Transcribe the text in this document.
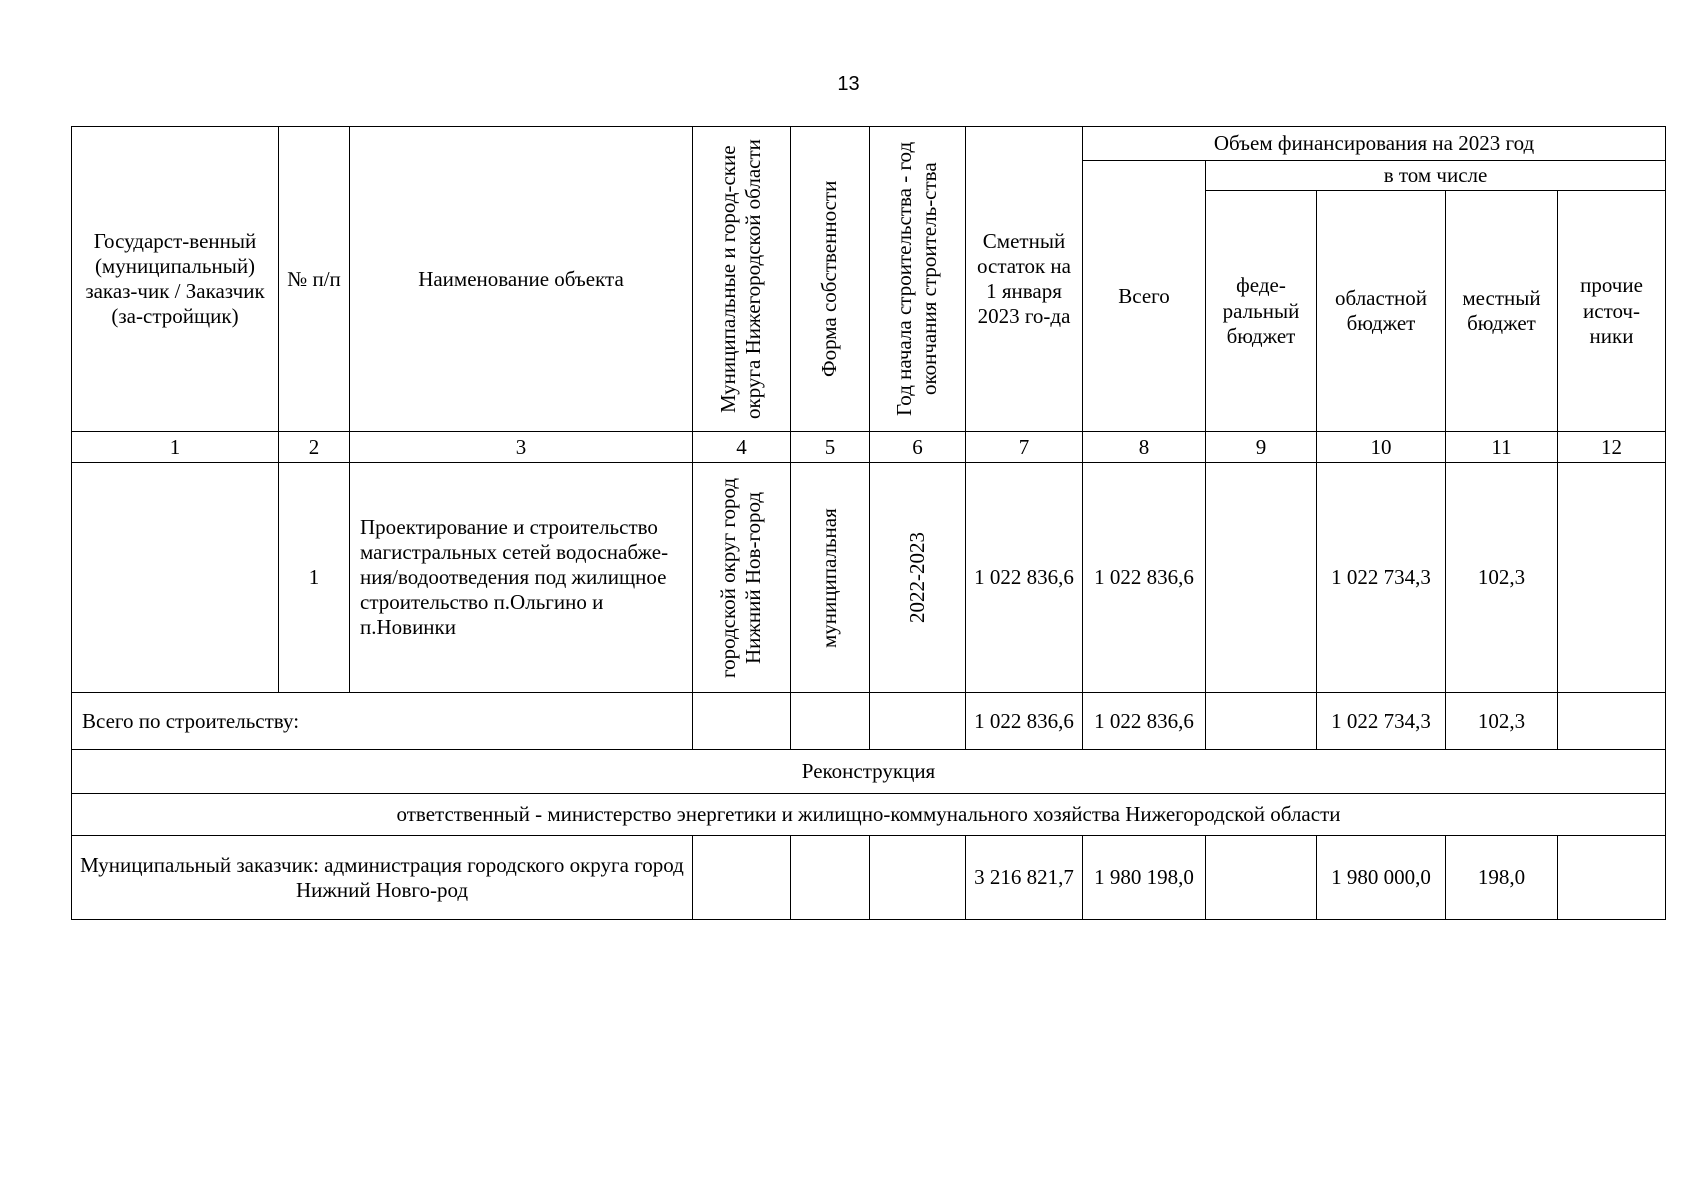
13
Государст-венный (муниципальный) заказ-чик / Заказчик (за-стройщик)	№ п/п	Наименование объекта	Муниципальные и город-ские округа Нижегородской области	Форма собственности	Год начала строительства - год окончания строитель-ства	Сметный остаток на 1 января 2023 го-да	Объем финансирования на 2023 год				
							Всего	в том числе			
								феде-ральный бюджет	областной бюджет	местный бюджет	прочие источ-ники
1	2	3	4	5	6	7	8	9	10	11	12
	1	Проектирование и строительство магистральных сетей водоснабже-ния/водоотведения под жилищное строительство п.Ольгино и п.Новинки	городской округ город Нижний Нов-город	муниципальная	2022-2023	1 022 836,6	1 022 836,6		1 022 734,3	102,3	
Всего по строительству:						1 022 836,6	1 022 836,6		1 022 734,3	102,3	
Реконструкция											
ответственный - министерство энергетики и жилищно-коммунального хозяйства Нижегородской области											
Муниципальный заказчик: администрация городского округа город Нижний Новго-род						3 216 821,7	1 980 198,0		1 980 000,0	198,0	
